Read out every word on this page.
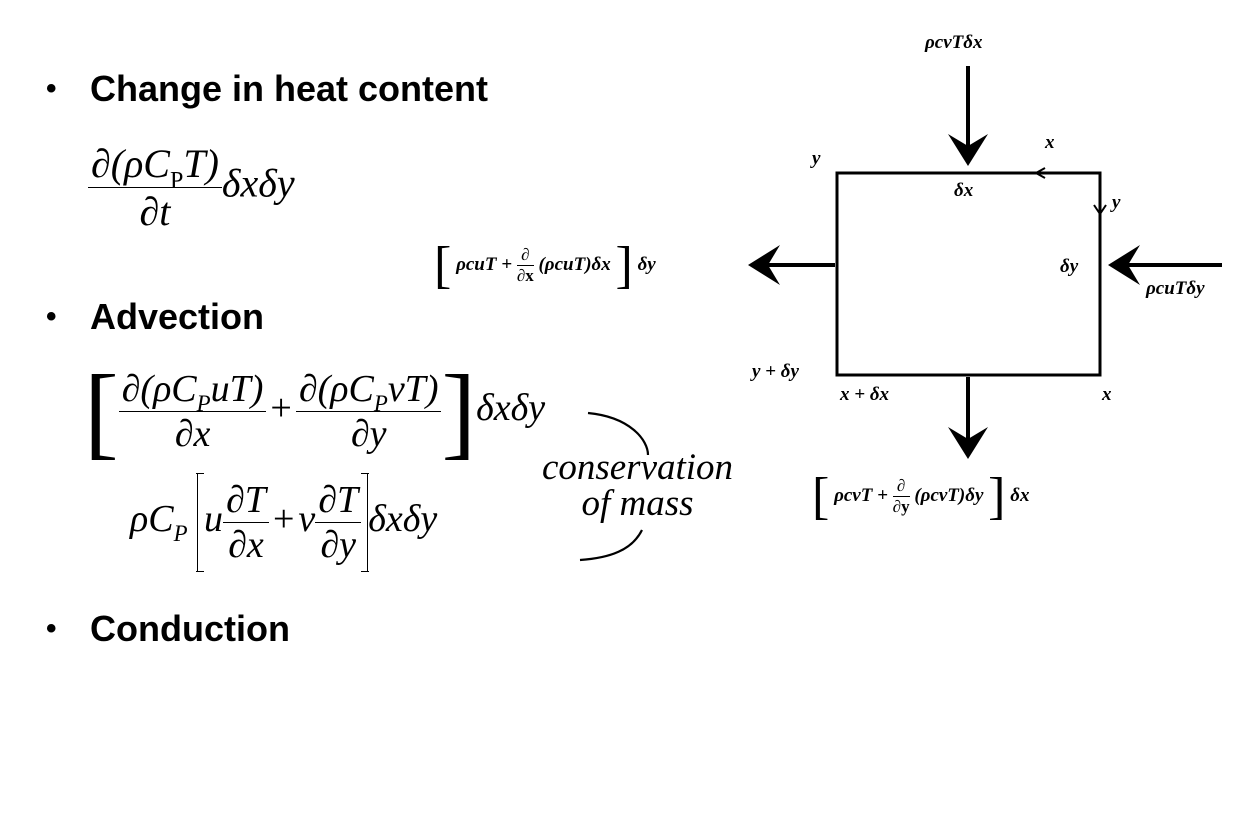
• Change in heat content
• Advection
• Conduction
$\frac{\partial(\rho C_PT)}{\partial t}$ δxδy
[ $\frac{\partial(\rho C_PuT)}{\partial x} + \frac{\partial(\rho C_PvT)}{\partial y} ]\delta x\delta y$
$\rho C_P$ u $\frac{\partial T}{\partial x} + v \frac{\partial T}{\partial y}$ δxδy
conservation
of mass
ρcvTδx
ρcuTδy
y
x
y
δx
δy
y + δy
x + δx	x
[ ρcuT + ∂
∂x
(ρcuT)δx ] δy
[ ρcvT + ∂
∂y
(ρcvT)δy ] δx
